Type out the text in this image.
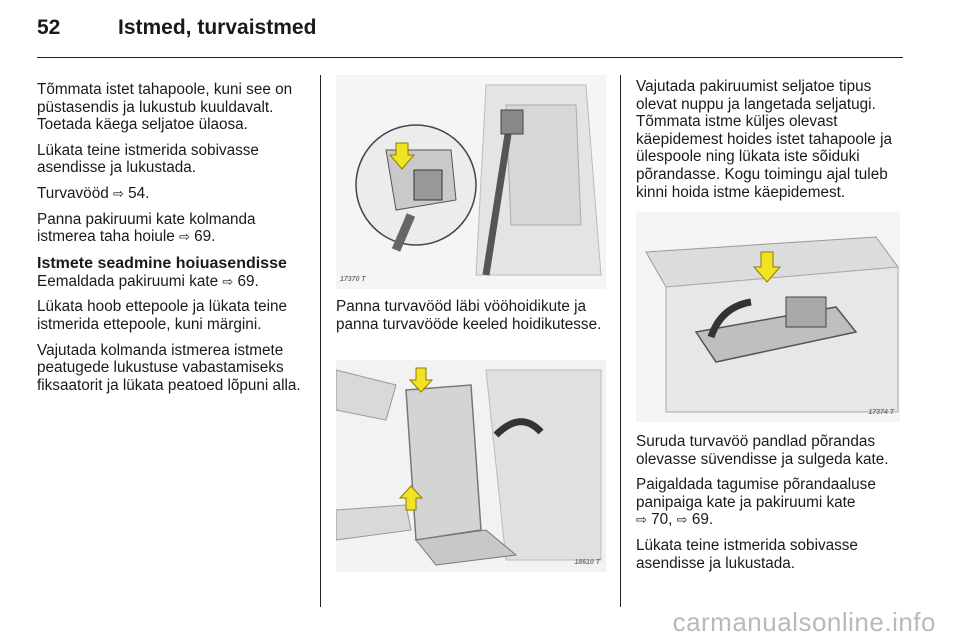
52	Istmed, turvaistmed

Tõmmata istet tahapoole, kuni see on püstasendis ja lukustub kuuldavalt. Toetada käega seljatoe ülaosa.

Lükata teine istmerida sobivasse asendisse ja lukustada.

Turvavööd ⇨ 54.

Panna pakiruumi kate kolmanda istmerea taha hoiule ⇨ 69.

Istmete seadmine hoiuasendisse

Eemaldada pakiruumi kate ⇨ 69.

Lükata hoob ettepoole ja lükata teine istmerida ettepoole, kuni märgini.

Vajutada kolmanda istmerea istmete peatugede lukustuse vabastamiseks fiksaatorit ja lükata peatoed lõpuni alla.

17370 T

Panna turvavööd läbi vööhoidikute ja panna turvavööde keeled hoidikutesse.

18610 T

Vajutada pakiruumist seljatoe tipus olevat nuppu ja langetada seljatugi. Tõmmata istme küljes olevast käepidemest hoides istet tahapoole ja ülespoole ning lükata iste sõiduki põrandasse. Kogu toimingu ajal tuleb kinni hoida istme käepidemest.

17374 T

Suruda turvavöö pandlad põrandas olevasse süvendisse ja sulgeda kate.

Paigaldada tagumise põrandaaluse panipaiga kate ja pakiruumi kate
⇨ 70, ⇨ 69.

Lükata teine istmerida sobivasse asendisse ja lukustada.

carmanualsonline.info
